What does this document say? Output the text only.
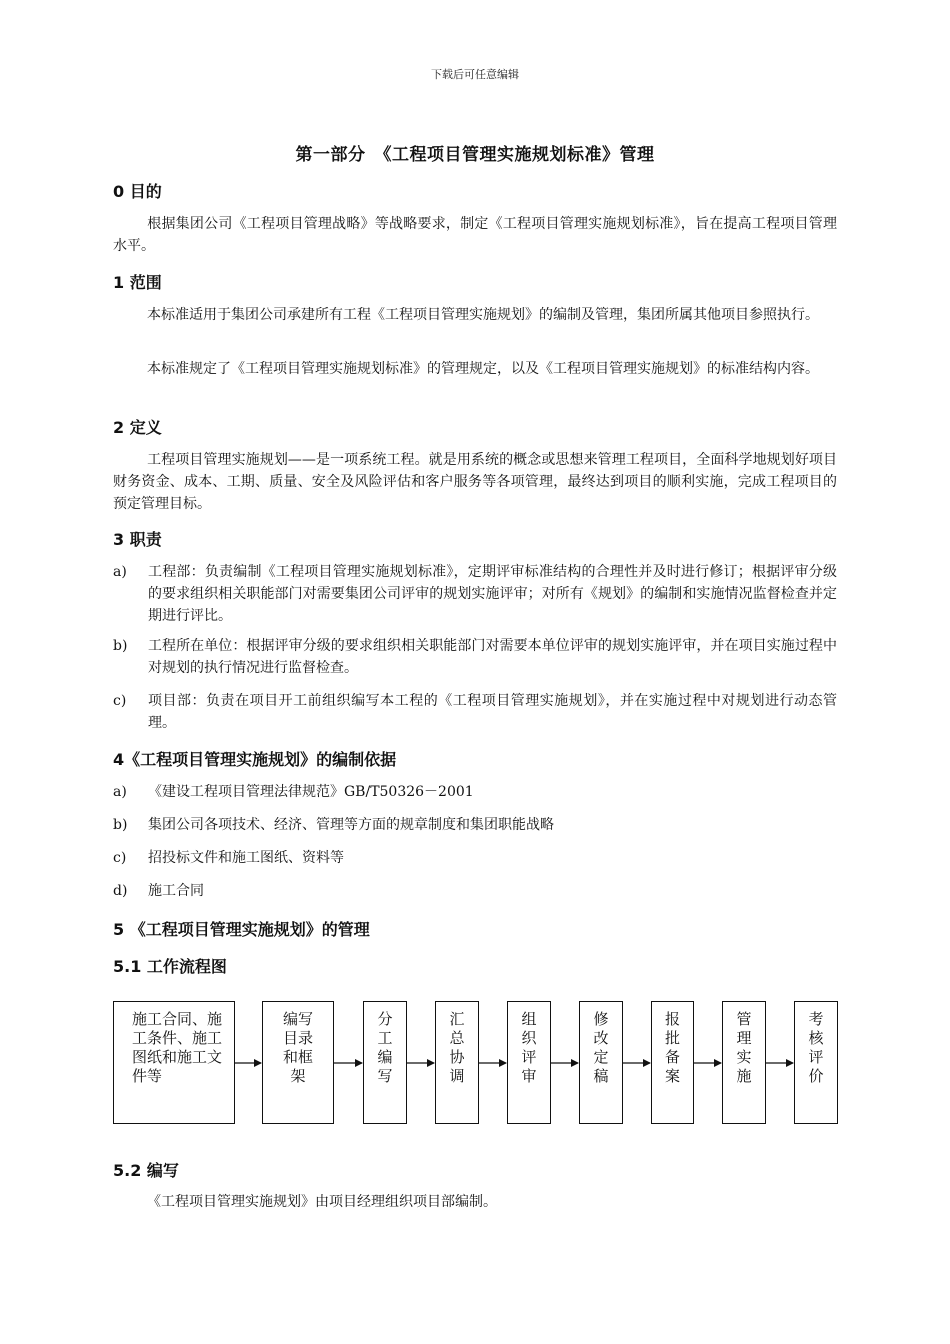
下载后可任意编辑
第一部分　《工程项目管理实施规划标准》管理
0 目的
根据集团公司《工程项目管理战略》等战略要求，制定《工程项目管理实施规划标准》，旨在提高工程项目管理水平。
1 范围
本标准适用于集团公司承建所有工程《工程项目管理实施规划》的编制及管理，集团所属其他项目参照执行。
本标准规定了《工程项目管理实施规划标准》的管理规定，以及《工程项目管理实施规划》的标准结构内容。
2 定义
工程项目管理实施规划——是一项系统工程。就是用系统的概念或思想来管理工程项目，全面科学地规划好项目财务资金、成本、工期、质量、安全及风险评估和客户服务等各项管理，最终达到项目的顺利实施，完成工程项目的预定管理目标。
3 职责
a)	工程部：负责编制《工程项目管理实施规划标准》，定期评审标准结构的合理性并及时进行修订；根据评审分级的要求组织相关职能部门对需要集团公司评审的规划实施评审；对所有《规划》的编制和实施情况监督检查并定期进行评比。
b)	工程所在单位：根据评审分级的要求组织相关职能部门对需要本单位评审的规划实施评审，并在项目实施过程中对规划的执行情况进行监督检查。
c)	项目部：负责在项目开工前组织编写本工程的《工程项目管理实施规划》，并在实施过程中对规划进行动态管理。
4《工程项目管理实施规划》的编制依据
a)	《建设工程项目管理法律规范》GB/T50326－2001
b)	集团公司各项技术、经济、管理等方面的规章制度和集团职能战略
c)	招投标文件和施工图纸、资料等
d)	施工合同
5 《工程项目管理实施规划》的管理
5.1 工作流程图
施工合同、施工条件、施工图纸和施工文件等
编写目录和框架
分工编写
汇总协调
组织评审
修改定稿
报批备案
管理实施
考核评价
5.2 编写
《工程项目管理实施规划》由项目经理组织项目部编制。
